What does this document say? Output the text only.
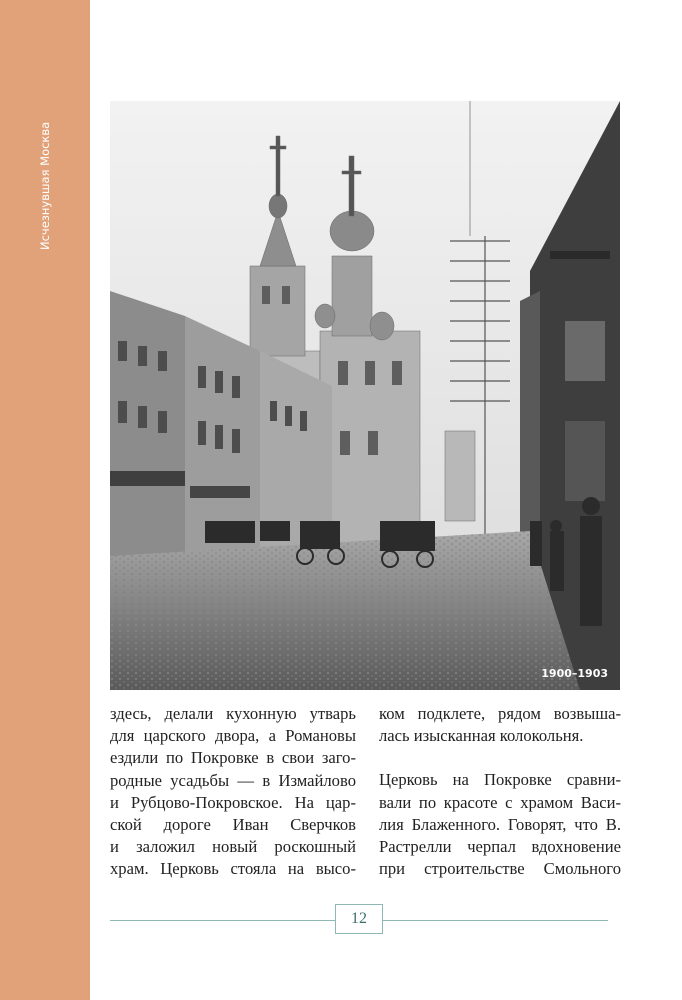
Исчезнувшая Москва
1900–1903

здесь, делали кухонную утварь

для царского двора, а Романовы

ездили по Покровке в свои заго-

родные усадьбы — в Измайлово

и Рубцово-Покровское. На цар-

ской дороге Иван Сверчков

и заложил новый роскошный

храм. Церковь стояла на высо-

ком подклете, рядом возвыша-

лась изысканная колокольня.

Церковь на Покровке сравни-

вали по красоте с храмом Васи-

лия Блаженного. Говорят, что В.

Растрелли черпал вдохновение

при строительстве Смольного

12
